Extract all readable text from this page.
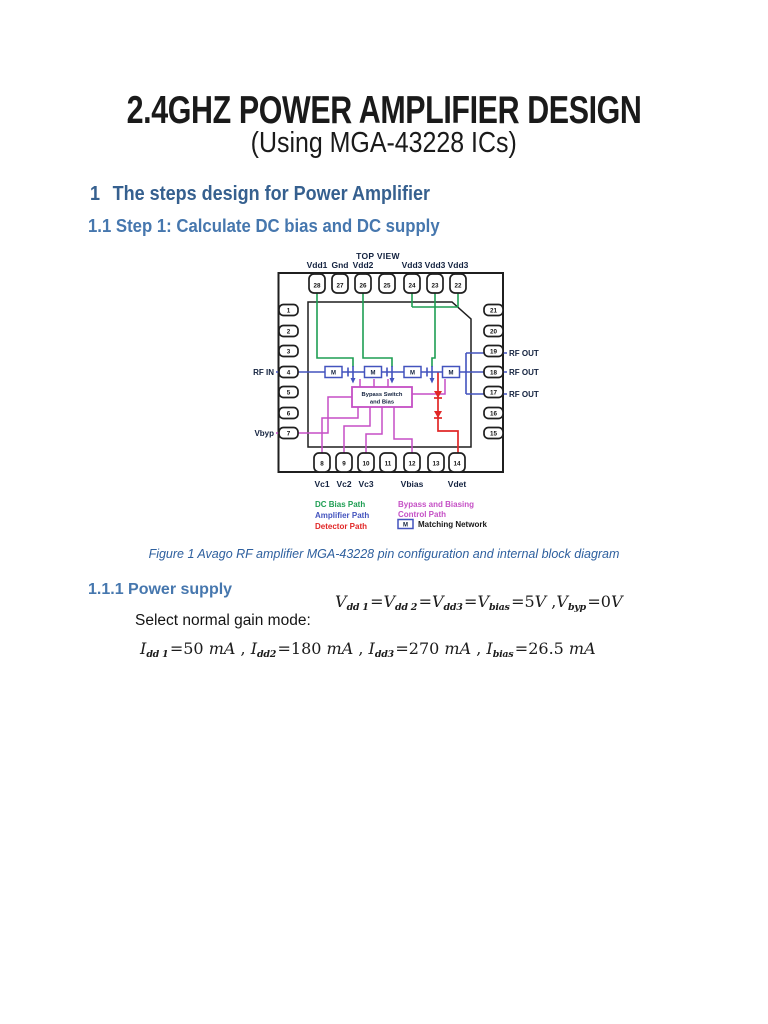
2.4GHZ POWER AMPLIFIER DESIGN
(Using MGA-43228 ICs)
1 The steps design for Power Amplifier
1.1 Step 1: Calculate DC bias and DC supply
M	M	M	M
Bypass Switch
and Bias
TOP VIEW
RF IN
Vbyp
DC Bias Path
Amplifier Path
Detector Path
Bypass and Biasing
Control Path
M Matching Network
28	27	26	25	24	23	22
1
2
3
4
5
6
7
21
20
19
18
17
16
15
8	9	10 11	12	13 14
Vdd1 Gnd Vdd2	Vdd3 Vdd3 Vdd3
RF OUT
RF OUT
RF OUT
Vc1 Vc2 Vc3	Vbias	Vdet
Figure 1 Avago RF amplifier MGA-43228 pin configuration and internal block diagram
1.1.1 Power supply
Select normal gain mode:
Vdd 1=Vdd 2=Vdd3=Vbias=5V ,Vbyp=0V
Idd 1=50 mA , Idd2=180 mA , Idd3=270 mA , Ibias=26.5 mA
